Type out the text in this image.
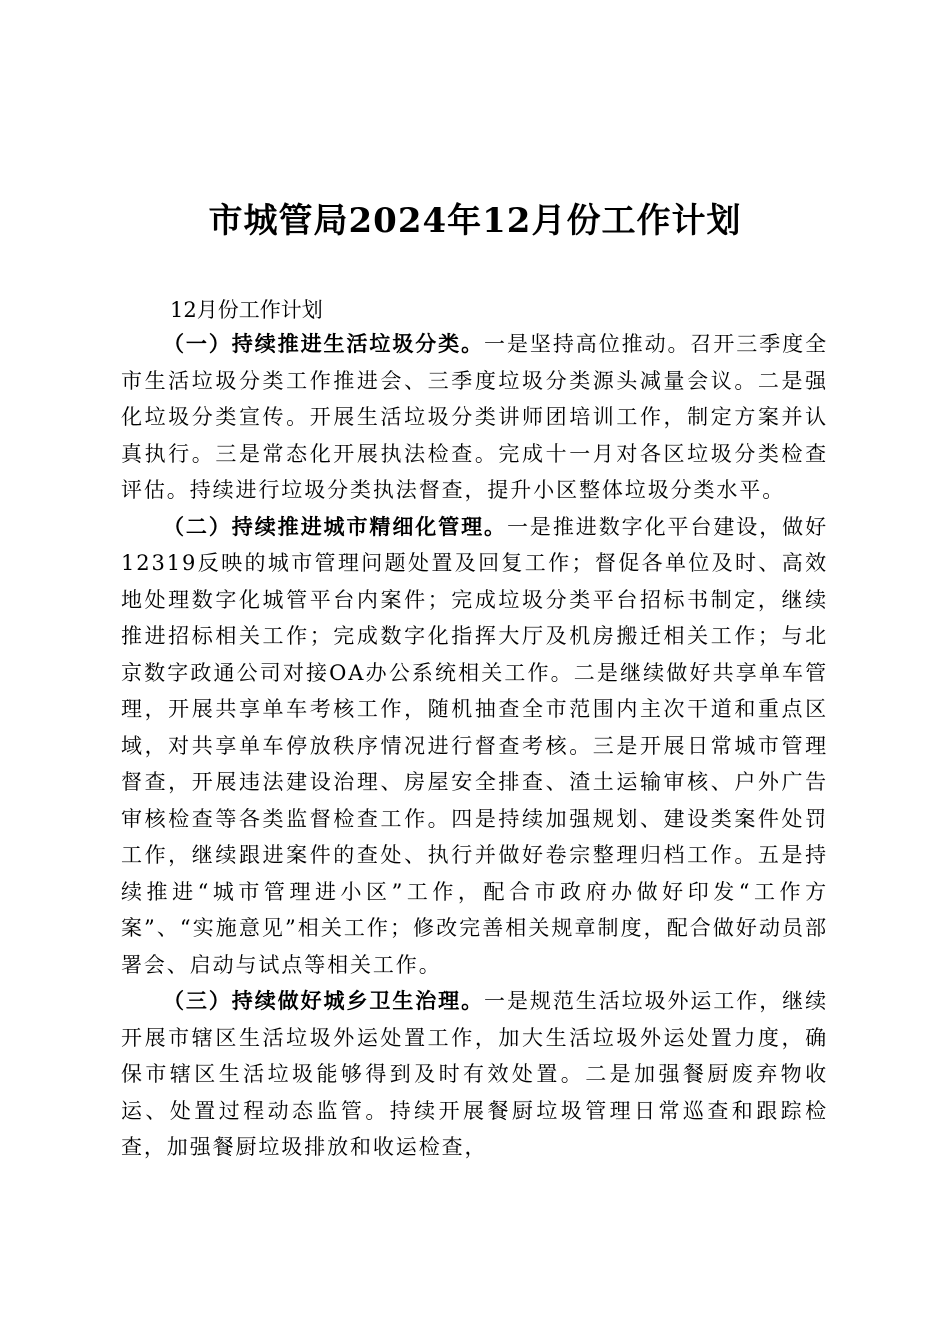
市城管局2024年12月份工作计划
12月份工作计划

（一）持续推进生活垃圾分类。一是坚持高位推动。召开三季度全市生活垃圾分类工作推进会、三季度垃圾分类源头减量会议。二是强化垃圾分类宣传。开展生活垃圾分类讲师团培训工作，制定方案并认真执行。三是常态化开展执法检查。完成十一月对各区垃圾分类检查评估。持续进行垃圾分类执法督查，提升小区整体垃圾分类水平。

（二）持续推进城市精细化管理。一是推进数字化平台建设，做好12319反映的城市管理问题处置及回复工作；督促各单位及时、高效地处理数字化城管平台内案件；完成垃圾分类平台招标书制定，继续推进招标相关工作；完成数字化指挥大厅及机房搬迁相关工作；与北京数字政通公司对接OA办公系统相关工作。二是继续做好共享单车管理，开展共享单车考核工作，随机抽查全市范围内主次干道和重点区域，对共享单车停放秩序情况进行督查考核。三是开展日常城市管理督查，开展违法建设治理、房屋安全排查、渣土运输审核、户外广告审核检查等各类监督检查工作。四是持续加强规划、建设类案件处罚工作，继续跟进案件的查处、执行并做好卷宗整理归档工作。五是持续推进“城市管理进小区”工作，配合市政府办做好印发“工作方案”、“实施意见”相关工作；修改完善相关规章制度，配合做好动员部署会、启动与试点等相关工作。

（三）持续做好城乡卫生治理。一是规范生活垃圾外运工作，继续开展市辖区生活垃圾外运处置工作，加大生活垃圾外运处置力度，确保市辖区生活垃圾能够得到及时有效处置。二是加强餐厨废弃物收运、处置过程动态监管。持续开展餐厨垃圾管理日常巡查和跟踪检查，加强餐厨垃圾排放和收运检查，
